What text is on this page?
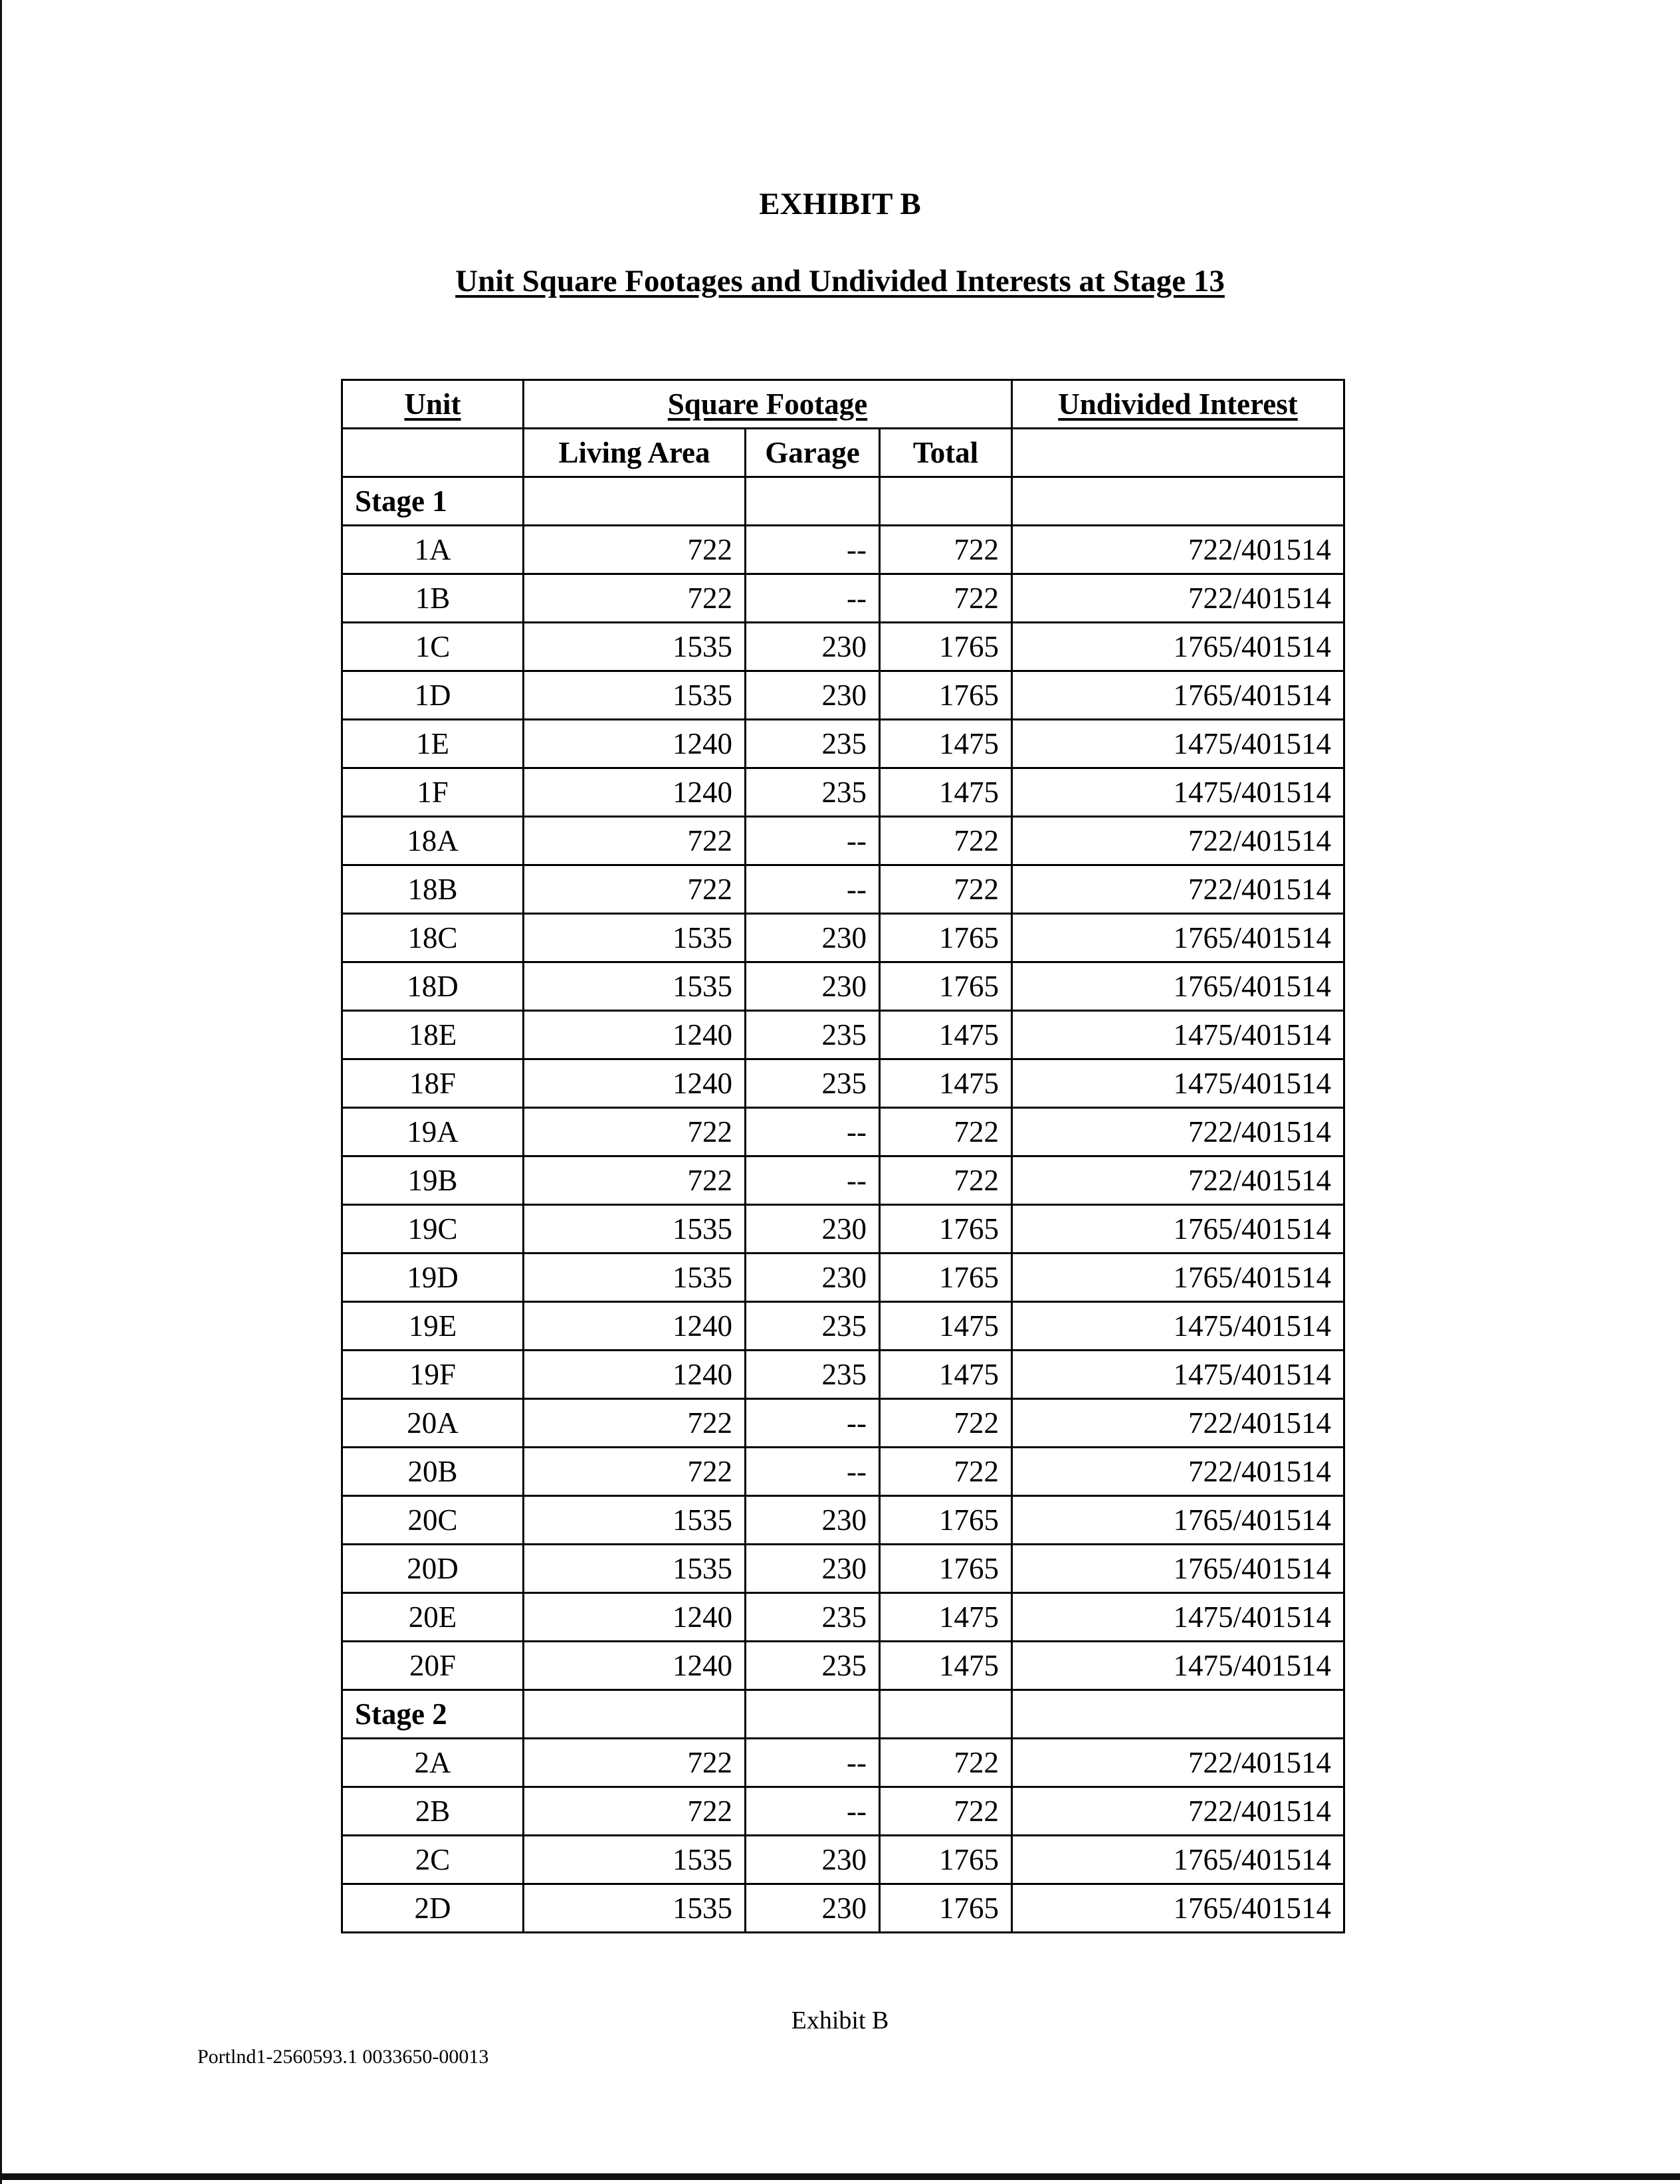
EXHIBIT B
Unit Square Footages and Undivided Interests at Stage 13
Unit	Square Footage			Undivided Interest
	Living Area	Garage	Total	
Stage 1				
1A	722	--	722	722/401514
1B	722	--	722	722/401514
1C	1535	230	1765	1765/401514
1D	1535	230	1765	1765/401514
1E	1240	235	1475	1475/401514
1F	1240	235	1475	1475/401514
18A	722	--	722	722/401514
18B	722	--	722	722/401514
18C	1535	230	1765	1765/401514
18D	1535	230	1765	1765/401514
18E	1240	235	1475	1475/401514
18F	1240	235	1475	1475/401514
19A	722	--	722	722/401514
19B	722	--	722	722/401514
19C	1535	230	1765	1765/401514
19D	1535	230	1765	1765/401514
19E	1240	235	1475	1475/401514
19F	1240	235	1475	1475/401514
20A	722	--	722	722/401514
20B	722	--	722	722/401514
20C	1535	230	1765	1765/401514
20D	1535	230	1765	1765/401514
20E	1240	235	1475	1475/401514
20F	1240	235	1475	1475/401514
Stage 2				
2A	722	--	722	722/401514
2B	722	--	722	722/401514
2C	1535	230	1765	1765/401514
2D	1535	230	1765	1765/401514
Exhibit B
Portlnd1-2560593.1 0033650-00013
